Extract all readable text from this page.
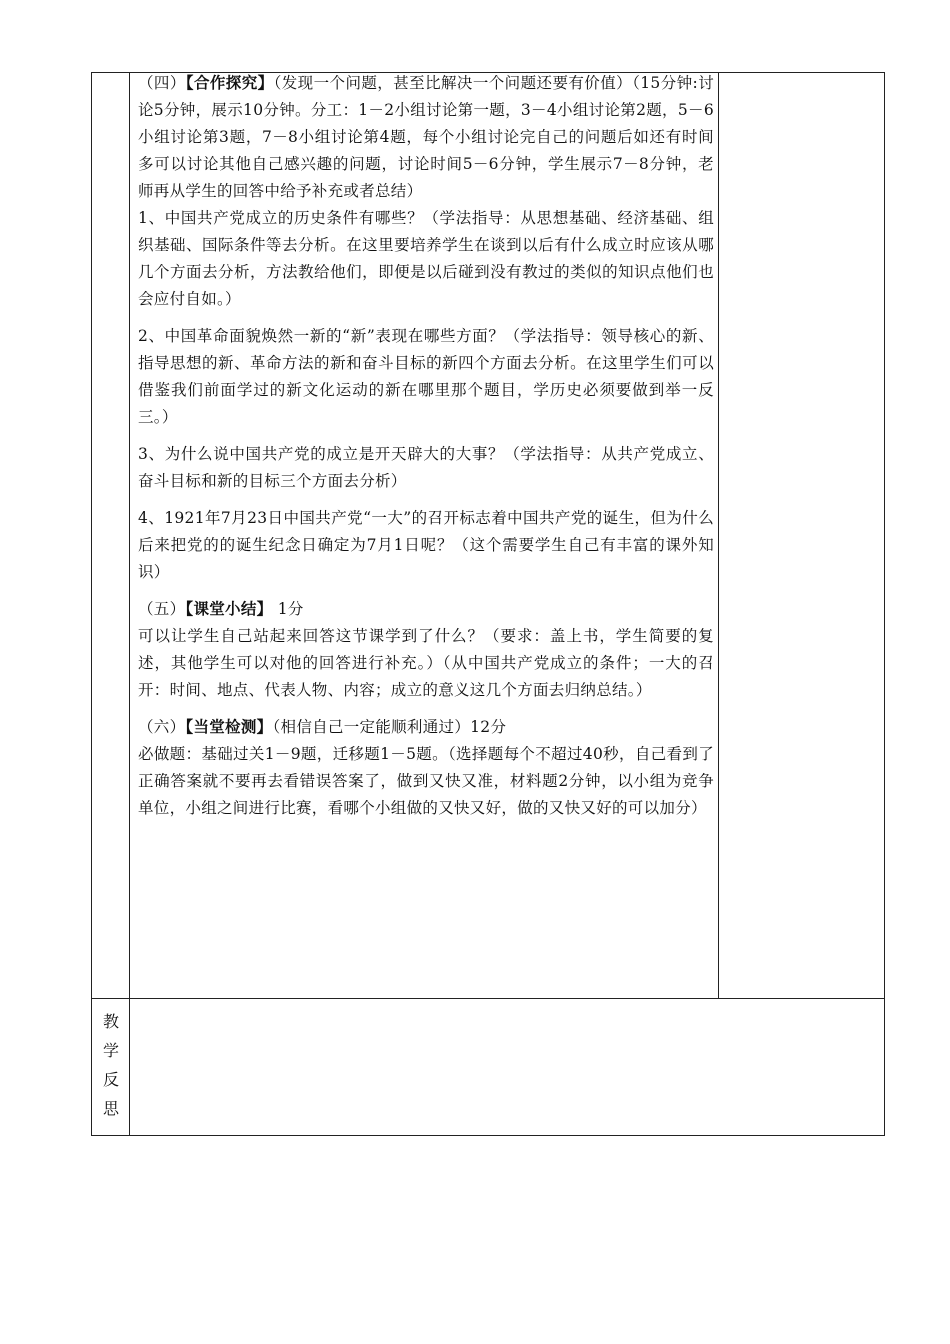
（四）【合作探究】（发现一个问题，甚至比解决一个问题还要有价值）（15分钟:讨论5分钟，展示10分钟。分工：1－2小组讨论第一题，3－4小组讨论第2题，5－6小组讨论第3题，7－8小组讨论第4题，每个小组讨论完自己的问题后如还有时间多可以讨论其他自己感兴趣的问题，讨论时间5－6分钟，学生展示7－8分钟，老师再从学生的回答中给予补充或者总结）

1、中国共产党成立的历史条件有哪些？（学法指导：从思想基础、经济基础、组织基础、国际条件等去分析。在这里要培养学生在谈到以后有什么成立时应该从哪几个方面去分析，方法教给他们，即便是以后碰到没有教过的类似的知识点他们也会应付自如。）

2、中国革命面貌焕然一新的“新”表现在哪些方面？（学法指导：领导核心的新、指导思想的新、革命方法的新和奋斗目标的新四个方面去分析。在这里学生们可以借鉴我们前面学过的新文化运动的新在哪里那个题目，学历史必须要做到举一反三。）

3、为什么说中国共产党的成立是开天辟大的大事？（学法指导：从共产党成立、奋斗目标和新的目标三个方面去分析）

4、1921年7月23日中国共产党“一大”的召开标志着中国共产党的诞生，但为什么后来把党的的诞生纪念日确定为7月1日呢？（这个需要学生自己有丰富的课外知识）

（五）【课堂小结】 1分

可以让学生自己站起来回答这节课学到了什么？（要求：盖上书，学生简要的复述，其他学生可以对他的回答进行补充。）（从中国共产党成立的条件；一大的召开：时间、地点、代表人物、内容；成立的意义这几个方面去归纳总结。）

（六）【当堂检测】（相信自己一定能顺利通过）12分

必做题：基础过关1－9题，迁移题1－5题。（选择题每个不超过40秒，自己看到了正确答案就不要再去看错误答案了，做到又快又准，材料题2分钟，以小组为竞争单位，小组之间进行比赛，看哪个小组做的又快又好，做的又快又好的可以加分）

教
学
反
思
